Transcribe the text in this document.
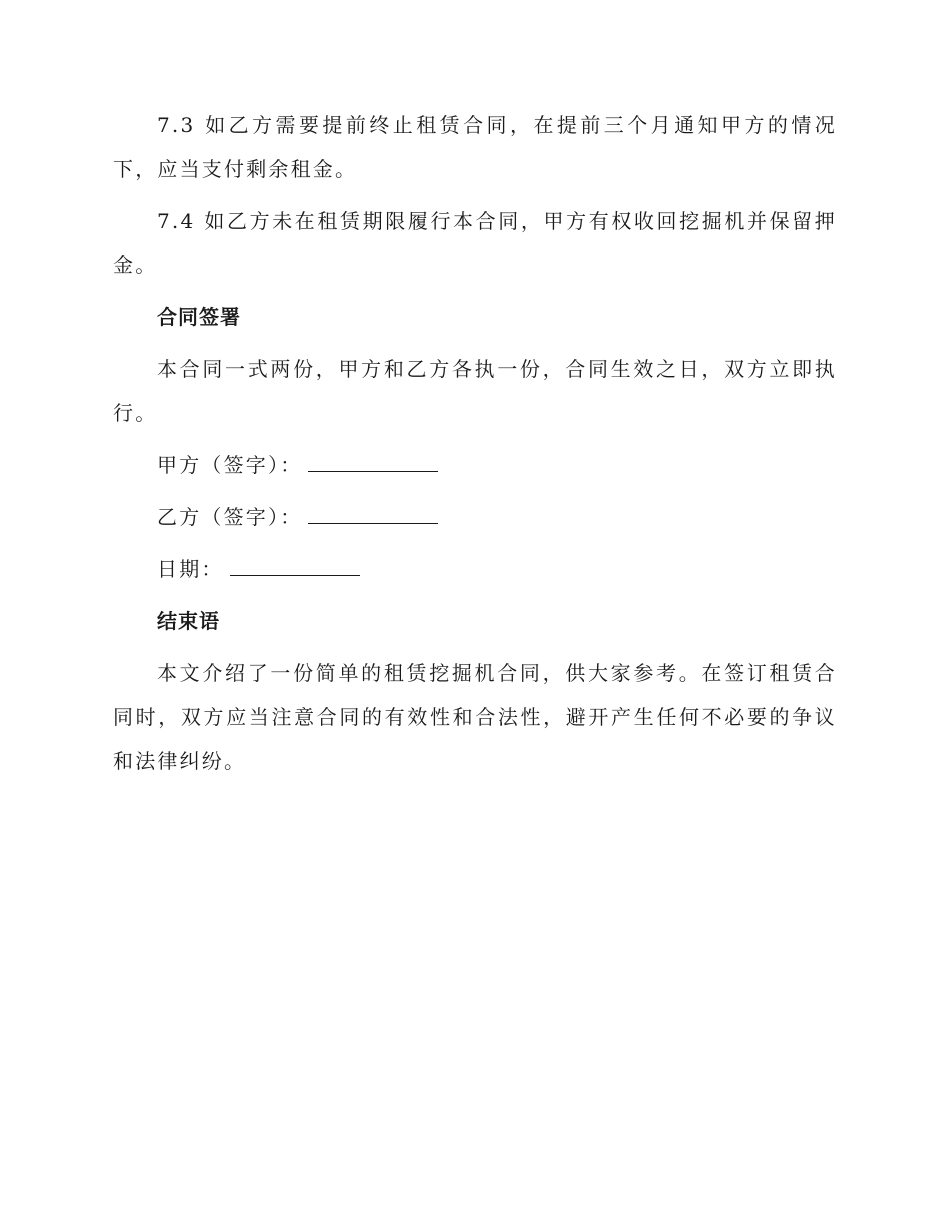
7.3 如乙方需要提前终止租赁合同，在提前三个月通知甲方的情况下，应当支付剩余租金。

7.4 如乙方未在租赁期限履行本合同，甲方有权收回挖掘机并保留押金。

合同签署

本合同一式两份，甲方和乙方各执一份，合同生效之日，双方立即执行。

甲方（签字）：
乙方（签字）：
日期：
结束语

本文介绍了一份简单的租赁挖掘机合同，供大家参考。在签订租赁合同时，双方应当注意合同的有效性和合法性，避开产生任何不必要的争议和法律纠纷。
